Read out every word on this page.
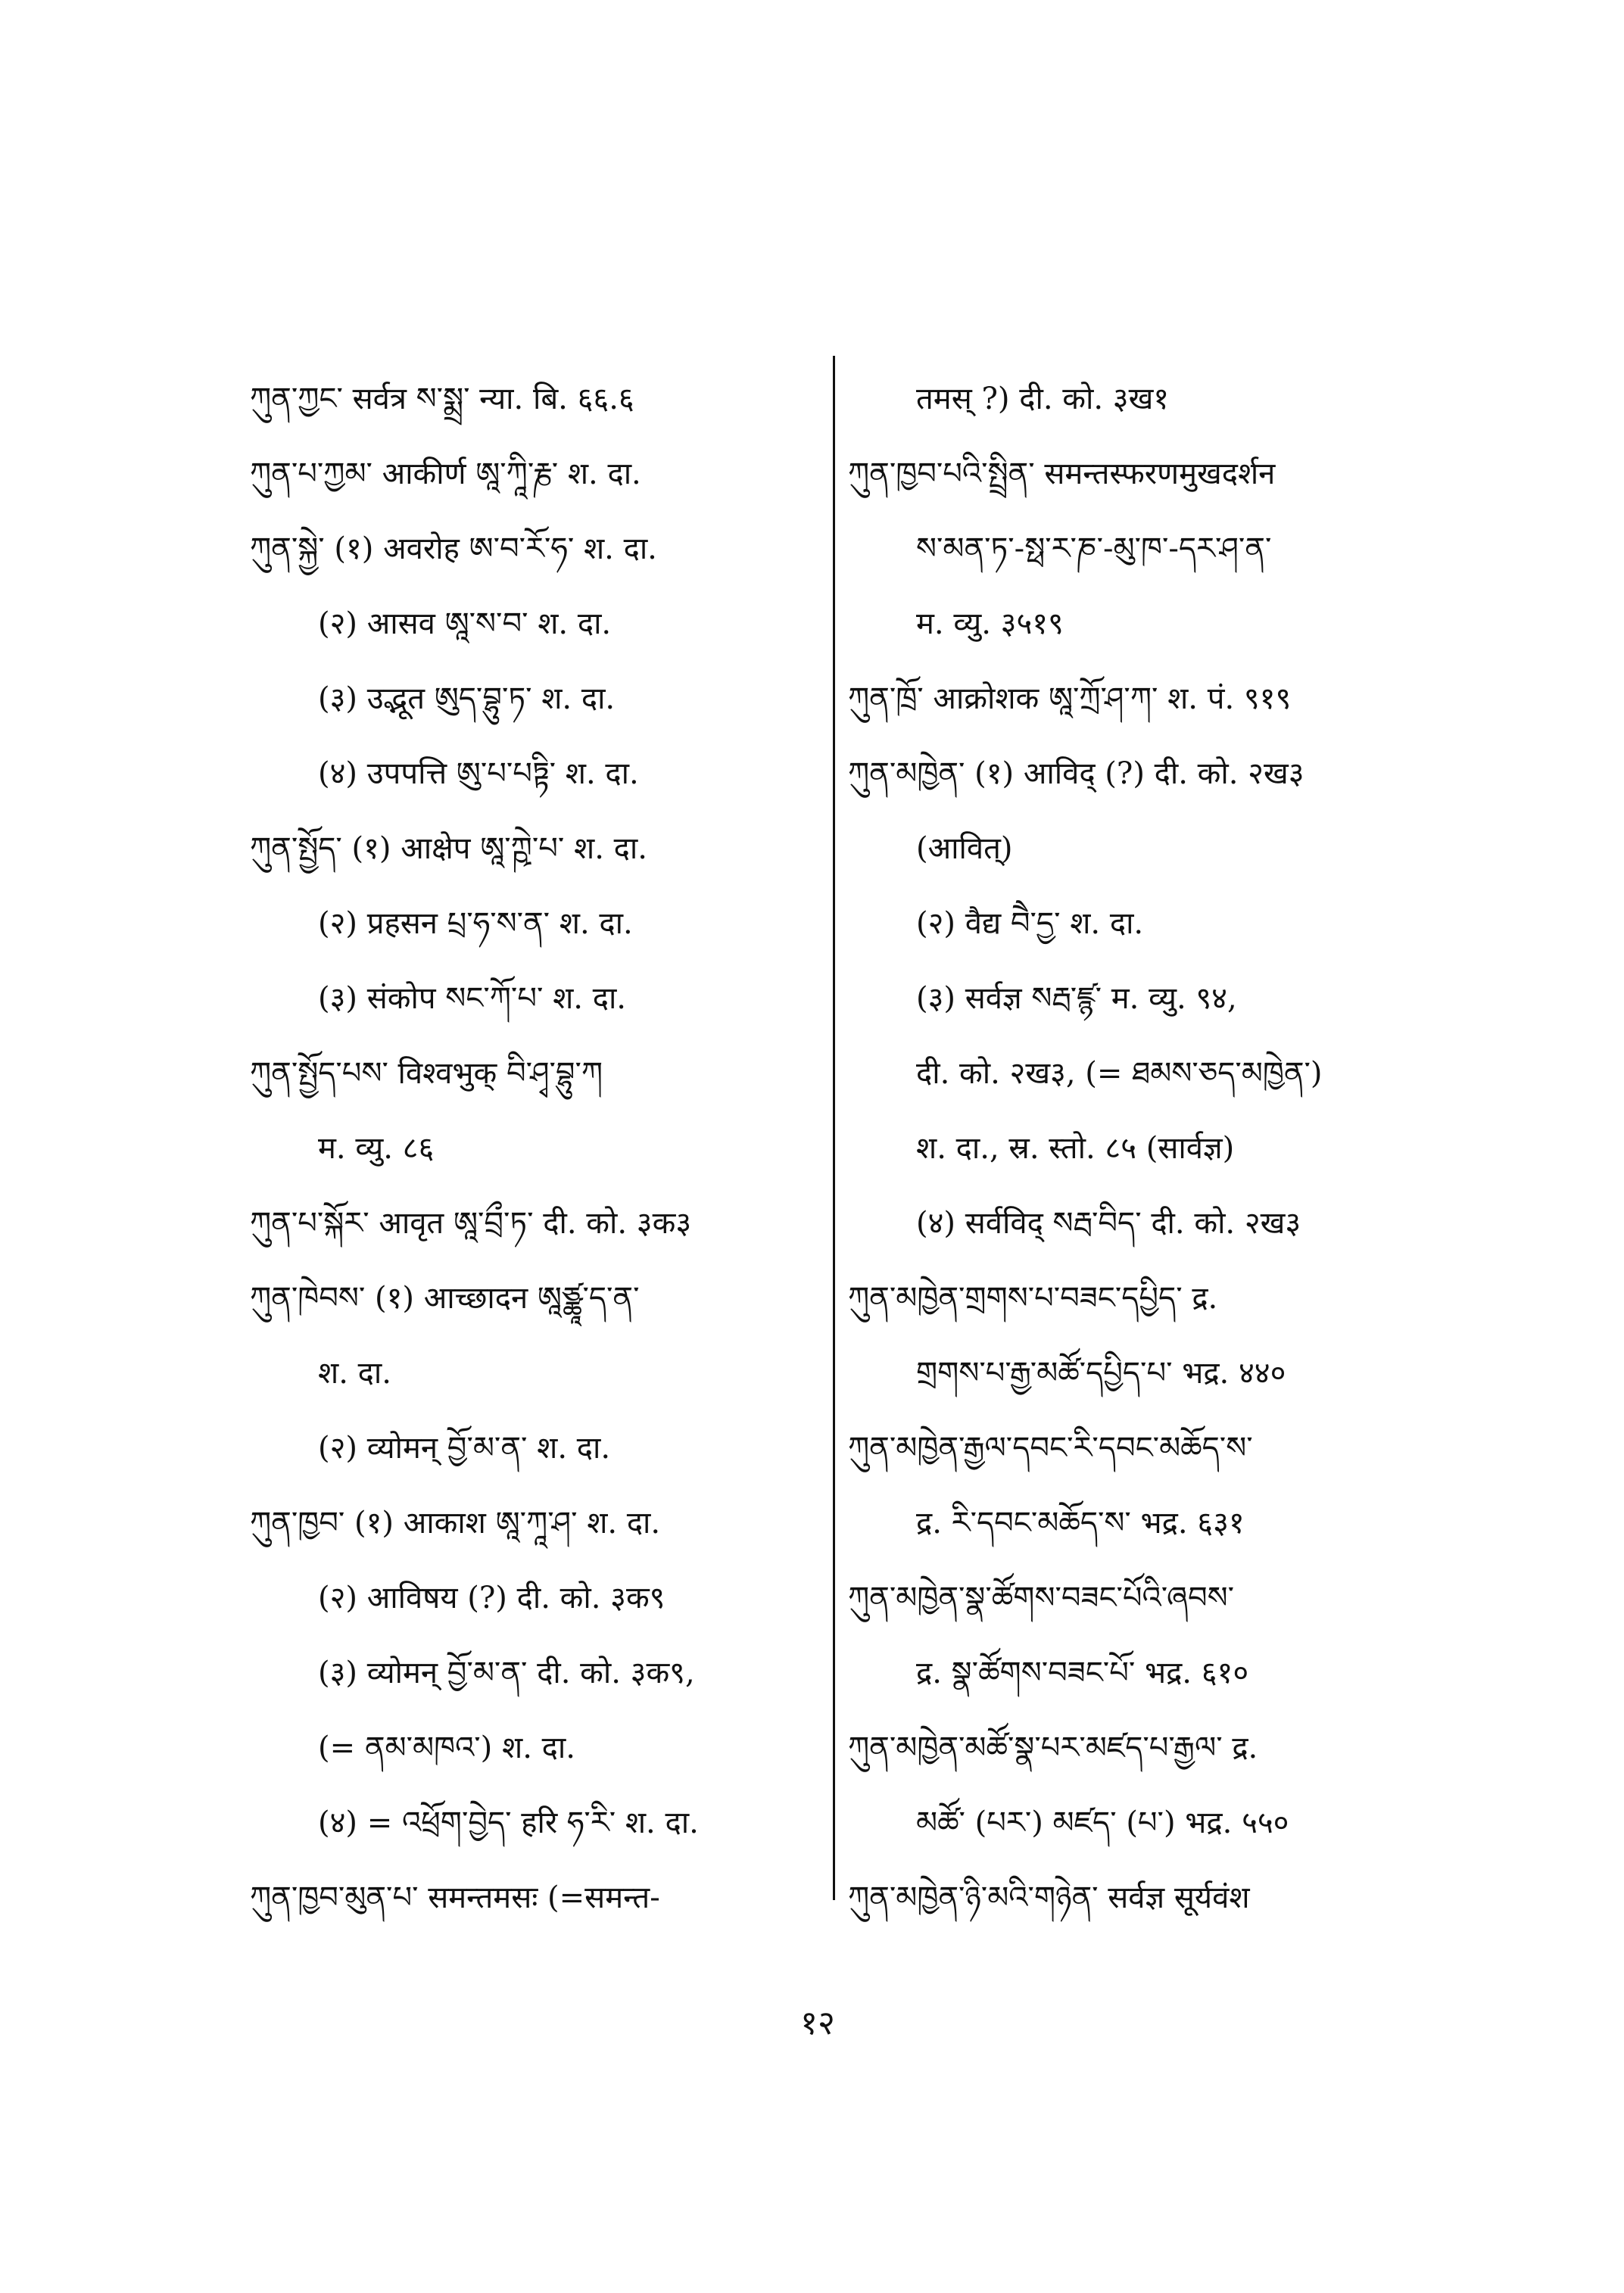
ཀུན་ཀྱང་ सर्वत्र ས་སྨྲ་ न्या. बि. ६६.६
ཀུན་པ་ཀྱམ་ आकीर्ण ཨཱ་ཀཱི་རྞ་ श. दा.
ཀུན་སྐྱེ་ (१) अवरोह ཨ་བ་རོ་ཧ་ श. दा.
(२) आसव ཨཱ་ས་བ་ श. दा.
(३) उद्भूत ཨུད་བྷུ་ཏ་ श. दा.
(४) उपपत्ति ཨུ་པ་པཏྟི་ श. दा.
ཀུན་སྤྱོད་ (१) आक्षेप ཨཱ་ཀྵེ་པ་ श. दा.
(२) प्रहसन པྲ་ཧ་ས་ན་ श. दा.
(३) संकोप སང་ཀོ་པ་ श. दा.
ཀུན་སྤྱོད་པས་ विश्वभुक् བི་ཤྭ་བྷུ་ཀ
म. व्यु. ८६
ཀུན་པ་སྐོར་ आवृत ཨཱ་བྲྀ་ཏ་ दी. को. ३क३
ཀུན་ཁེབས་ (१) आच्छादन ཨཱཙྪཱ་ད་ན་
श. दा.
(२) व्योमन् བྱོ་མ་ན་ श. दा.
ཀུན་ཁྱབ་ (१) आकाश ཨཱ་ཀཱ་ཤ་ श. दा.
(२) आविषय (?) दी. को. ३क९
(३) व्योमन् བྱོ་མ་ན་ दी. को. ३क९,
(= ནམ་མཁའ་) श. दा.
(४) = འཕྲོག་བྱེད་ हरि ཧ་རི་ श. दा.
ཀུན་ཁྱབ་མུན་པ་ समन्तमसः (=समन्त-
तमस् ?) दी. को. ३ख१
ཀུན་ཁྱབ་པའི་སྤྲིན་ समन्तस्फरणमुखदर्शन
ས་མན་ཏ་-སྥ་ར་ཎ་-མུ་ཁ་-དར་ཤ་ན་
म. व्यु. ३५१९
ཀུན་ཁྲོ་ आक्रोशक ཨཱ་ཀྲོ་ཤ་ཀ་ श. पं. ९१९
ཀུན་མཁྱེན་ (१) आविद् (?) दी. को. २ख३
(आवित्)
(२) वैद्य བཻ་དྱ་ श. दा.
(३) सर्वज्ञ སརྦ་ཛྙ་ म. व्यु. ९४,
दी. को. २ख३, (= ཐམས་ཅད་མཁྱེན་)
श. दा., स्र. स्तो. ८५ (सार्वज्ञ)
(४) सर्वविद् སརྦ་བིད་ दी. को. २ख३
ཀུན་མཁྱེན་གྲགས་པ་བཟང་དཔྱིད་ द्र.
གྲགས་པ་རྒྱ་མཚོ་དཔྱིད་པ་ भद्र. ४४०
ཀུན་མཁྱེན་རྒྱལ་དབང་རི་དབང་མཆོད་ས་
द्र. རི་དབང་མཆོད་ས་ भद्र. ६३१
ཀུན་མཁྱེན་སྣ་ཚོགས་བཟང་པོའི་ཞབས་
द्र. སྣ་ཚོགས་བཟང་པོ་ भद्र. ६१०
ཀུན་མཁྱེན་མཚོ་སྣ་པར་མཛད་པ་རྒྱལ་ द्र.
མཚོ་ (པར་) མཛད་ (པ་) भद्र. ५५०
ཀུན་མཁྱེན་ཉི་མའི་གཉེན་ सर्वज्ञ सूर्यवंश
१२
